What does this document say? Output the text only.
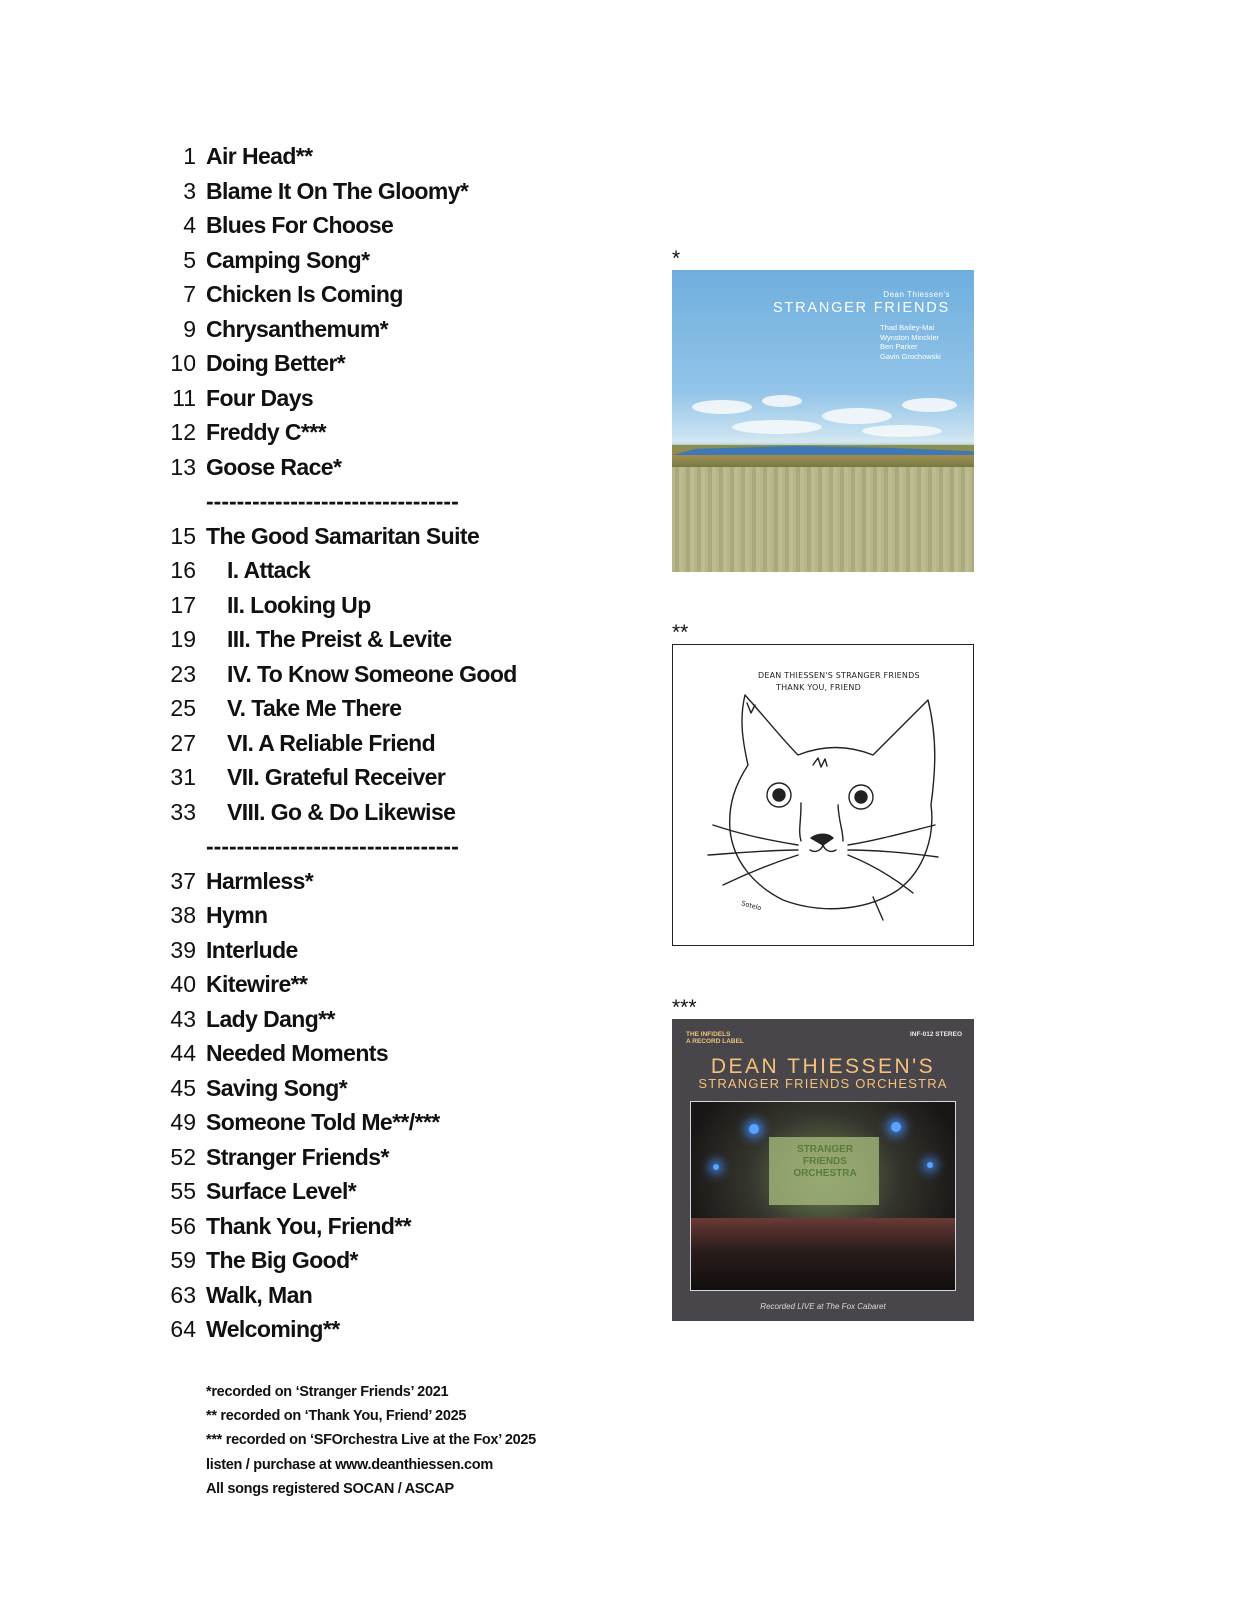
1 Air Head**
3 Blame It On The Gloomy*
4 Blues For Choose
5 Camping Song*
7 Chicken Is Coming
9 Chrysanthemum*
10 Doing Better*
11 Four Days
12 Freddy C***
13 Goose Race*
---------------------------------
15 The Good Samaritan Suite
16 I. Attack
17 II. Looking Up
19 III. The Preist & Levite
23 IV. To Know Someone Good
25 V. Take Me There
27 VI. A Reliable Friend
31 VII. Grateful Receiver
33 VIII. Go & Do Likewise
---------------------------------
37 Harmless*
38 Hymn
39 Interlude
40 Kitewire**
43 Lady Dang**
44 Needed Moments
45 Saving Song*
49 Someone Told Me**/***
52 Stranger Friends*
55 Surface Level*
56 Thank You, Friend**
59 The Big Good*
63 Walk, Man
64 Welcoming**
*recorded on ‘Stranger Friends’ 2021
** recorded on ‘Thank You, Friend’ 2025
*** recorded on ‘SFOrchestra Live at the Fox’ 2025
listen / purchase at www.deanthiessen.com
All songs registered SOCAN / ASCAP
*
Dean Thiessen's
STRANGER FRIENDS
Thad Bailey-Mai
Wynston Minckler
Ben Parker
Gavin Grochowski
**
DEAN THIESSEN'S STRANGER FRIENDS
THANK YOU, FRIEND
Sotelo
***
THE INFIDELS
A RECORD LABEL
INF-012 STEREO
DEAN THIESSEN'S
STRANGER FRIENDS ORCHESTRA
STRANGER FRIENDS ORCHESTRA
Recorded LIVE at The Fox Cabaret
